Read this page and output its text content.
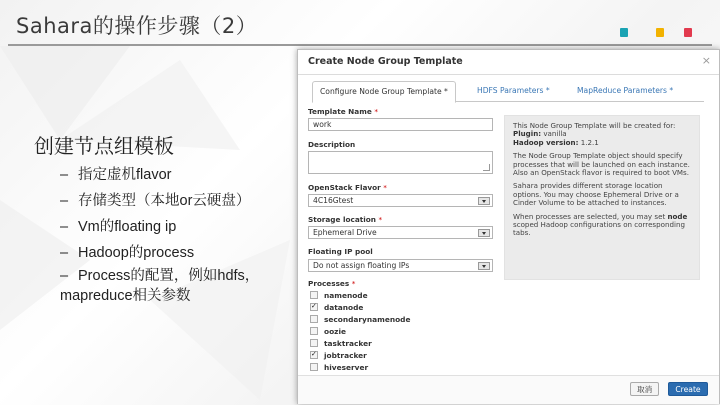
Sahara的操作步骤（2）
创建节点组模板
– 指定虚机flavor
– 存储类型（本地or云硬盘）
– Vm的floating ip
– Hadoop的process
– Process的配置，例如hdfs，
mapreduce相关参数
Create Node Group Template	×
Configure Node Group Template *	HDFS Parameters *	MapReduce Parameters *
Template Name *
work
Description
OpenStack Flavor *
4C16Gtest
Storage location *
Ephemeral Drive
Floating IP pool
Do not assign floating IPs
Processes *
namenode
✓datanode
secondarynamenode
oozie
tasktracker
✓jobtracker
hiveserver

This Node Group Template will be created for:
Plugin: vanilla
Hadoop version: 1.2.1

The Node Group Template object should specify processes that will be launched on each instance. Also an OpenStack flavor is required to boot VMs.

Sahara provides different storage location options. You may choose Ephemeral Drive or a Cinder Volume to be attached to instances.

When processes are selected, you may set node scoped Hadoop configurations on corresponding tabs.

取消	Create
